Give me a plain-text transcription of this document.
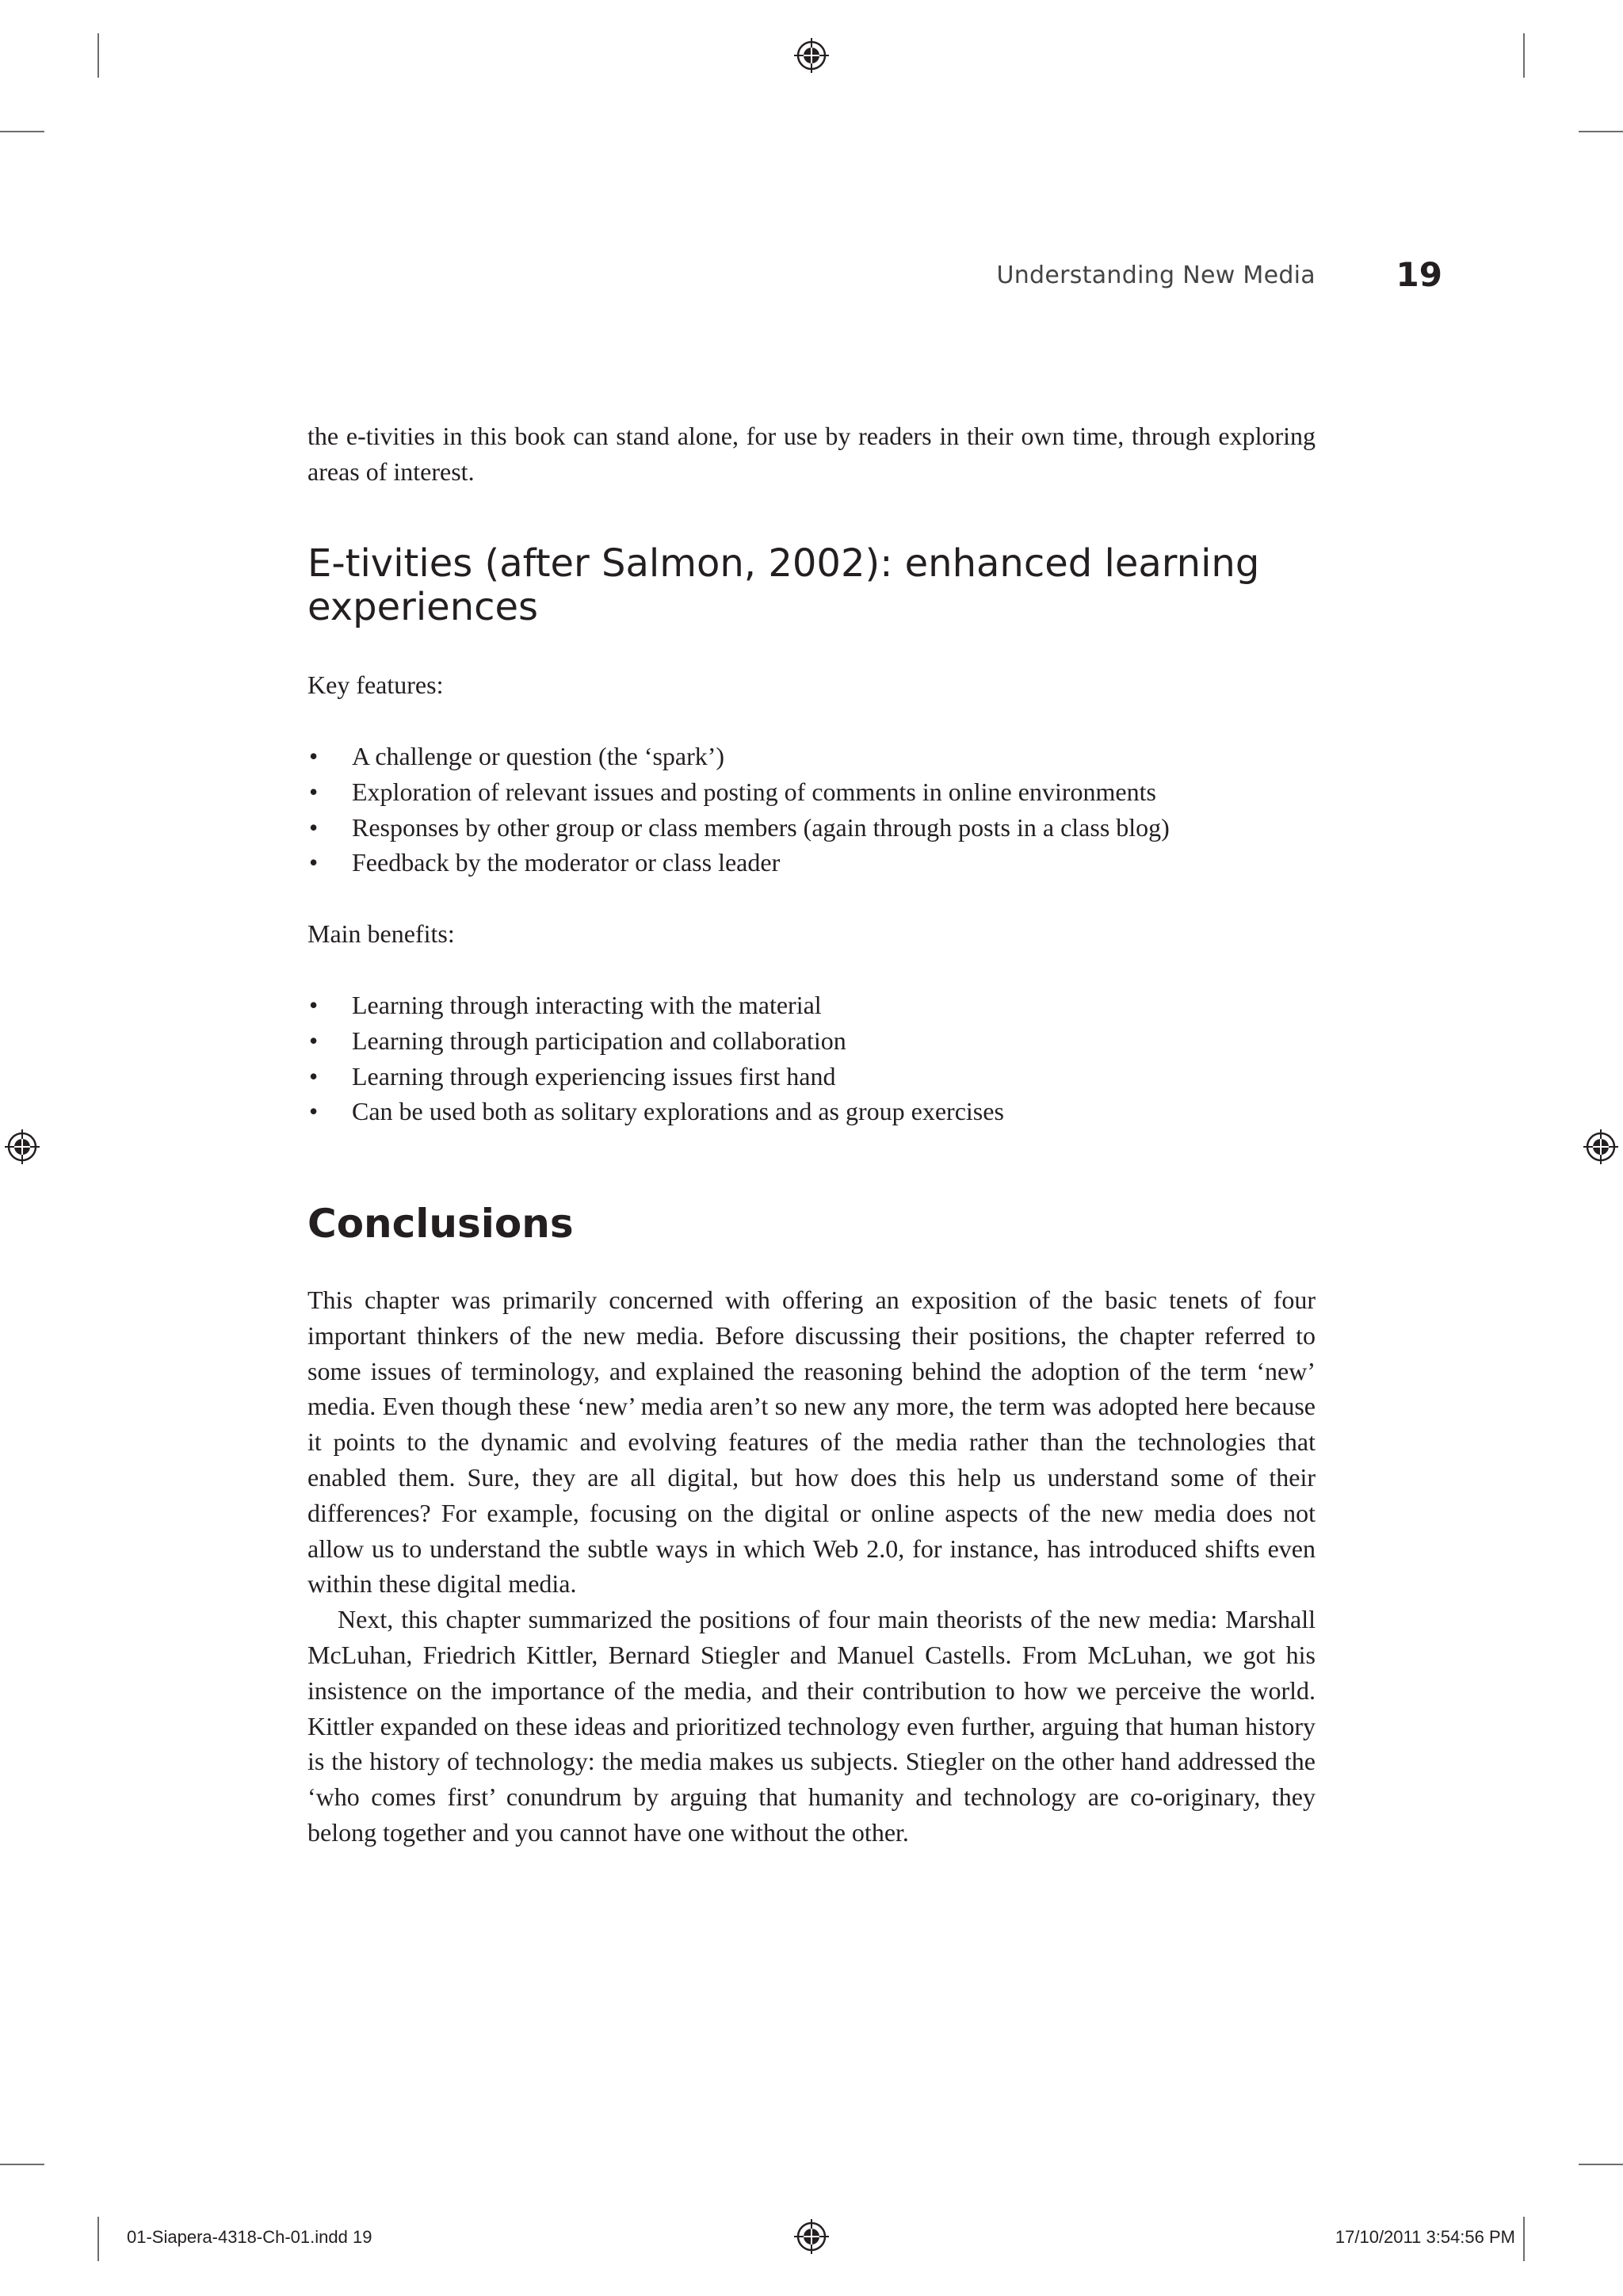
Understanding New Media	19

the e-tivities in this book can stand alone, for use by readers in their own time, through exploring areas of interest.

E-tivities (after Salmon, 2002): enhanced learning
experiences

Key features:

• A challenge or question (the ‘spark’)
• Exploration of relevant issues and posting of comments in online environments
• Responses by other group or class members (again through posts in a class blog)
• Feedback by the moderator or class leader

Main benefits:

• Learning through interacting with the material
• Learning through participation and collaboration
• Learning through experiencing issues first hand
• Can be used both as solitary explorations and as group exercises
Conclusions

This chapter was primarily concerned with offering an exposition of the basic tenets of four important thinkers of the new media. Before discussing their positions, the chapter referred to some issues of terminology, and explained the reasoning behind the adoption of the term ‘new’ media. Even though these ‘new’ media aren’t so new any more, the term was adopted here because it points to the dynamic and evolving features of the media rather than the technologies that enabled them. Sure, they are all digital, but how does this help us understand some of their differences? For example, focusing on the digital or online aspects of the new media does not allow us to understand the subtle ways in which Web 2.0, for instance, has introduced shifts even within these digital media.

Next, this chapter summarized the positions of four main theorists of the new media: Marshall McLuhan, Friedrich Kittler, Bernard Stiegler and Manuel Castells. From McLuhan, we got his insistence on the importance of the media, and their contribution to how we perceive the world. Kittler expanded on these ideas and prioritized technology even further, arguing that human history is the history of technology: the media makes us subjects. Stiegler on the other hand addressed the ‘who comes first’ conundrum by arguing that humanity and technology are co-originary, they belong together and you cannot have one without the other.

01-Siapera-4318-Ch-01.indd 19	17/10/2011 3:54:56 PM
